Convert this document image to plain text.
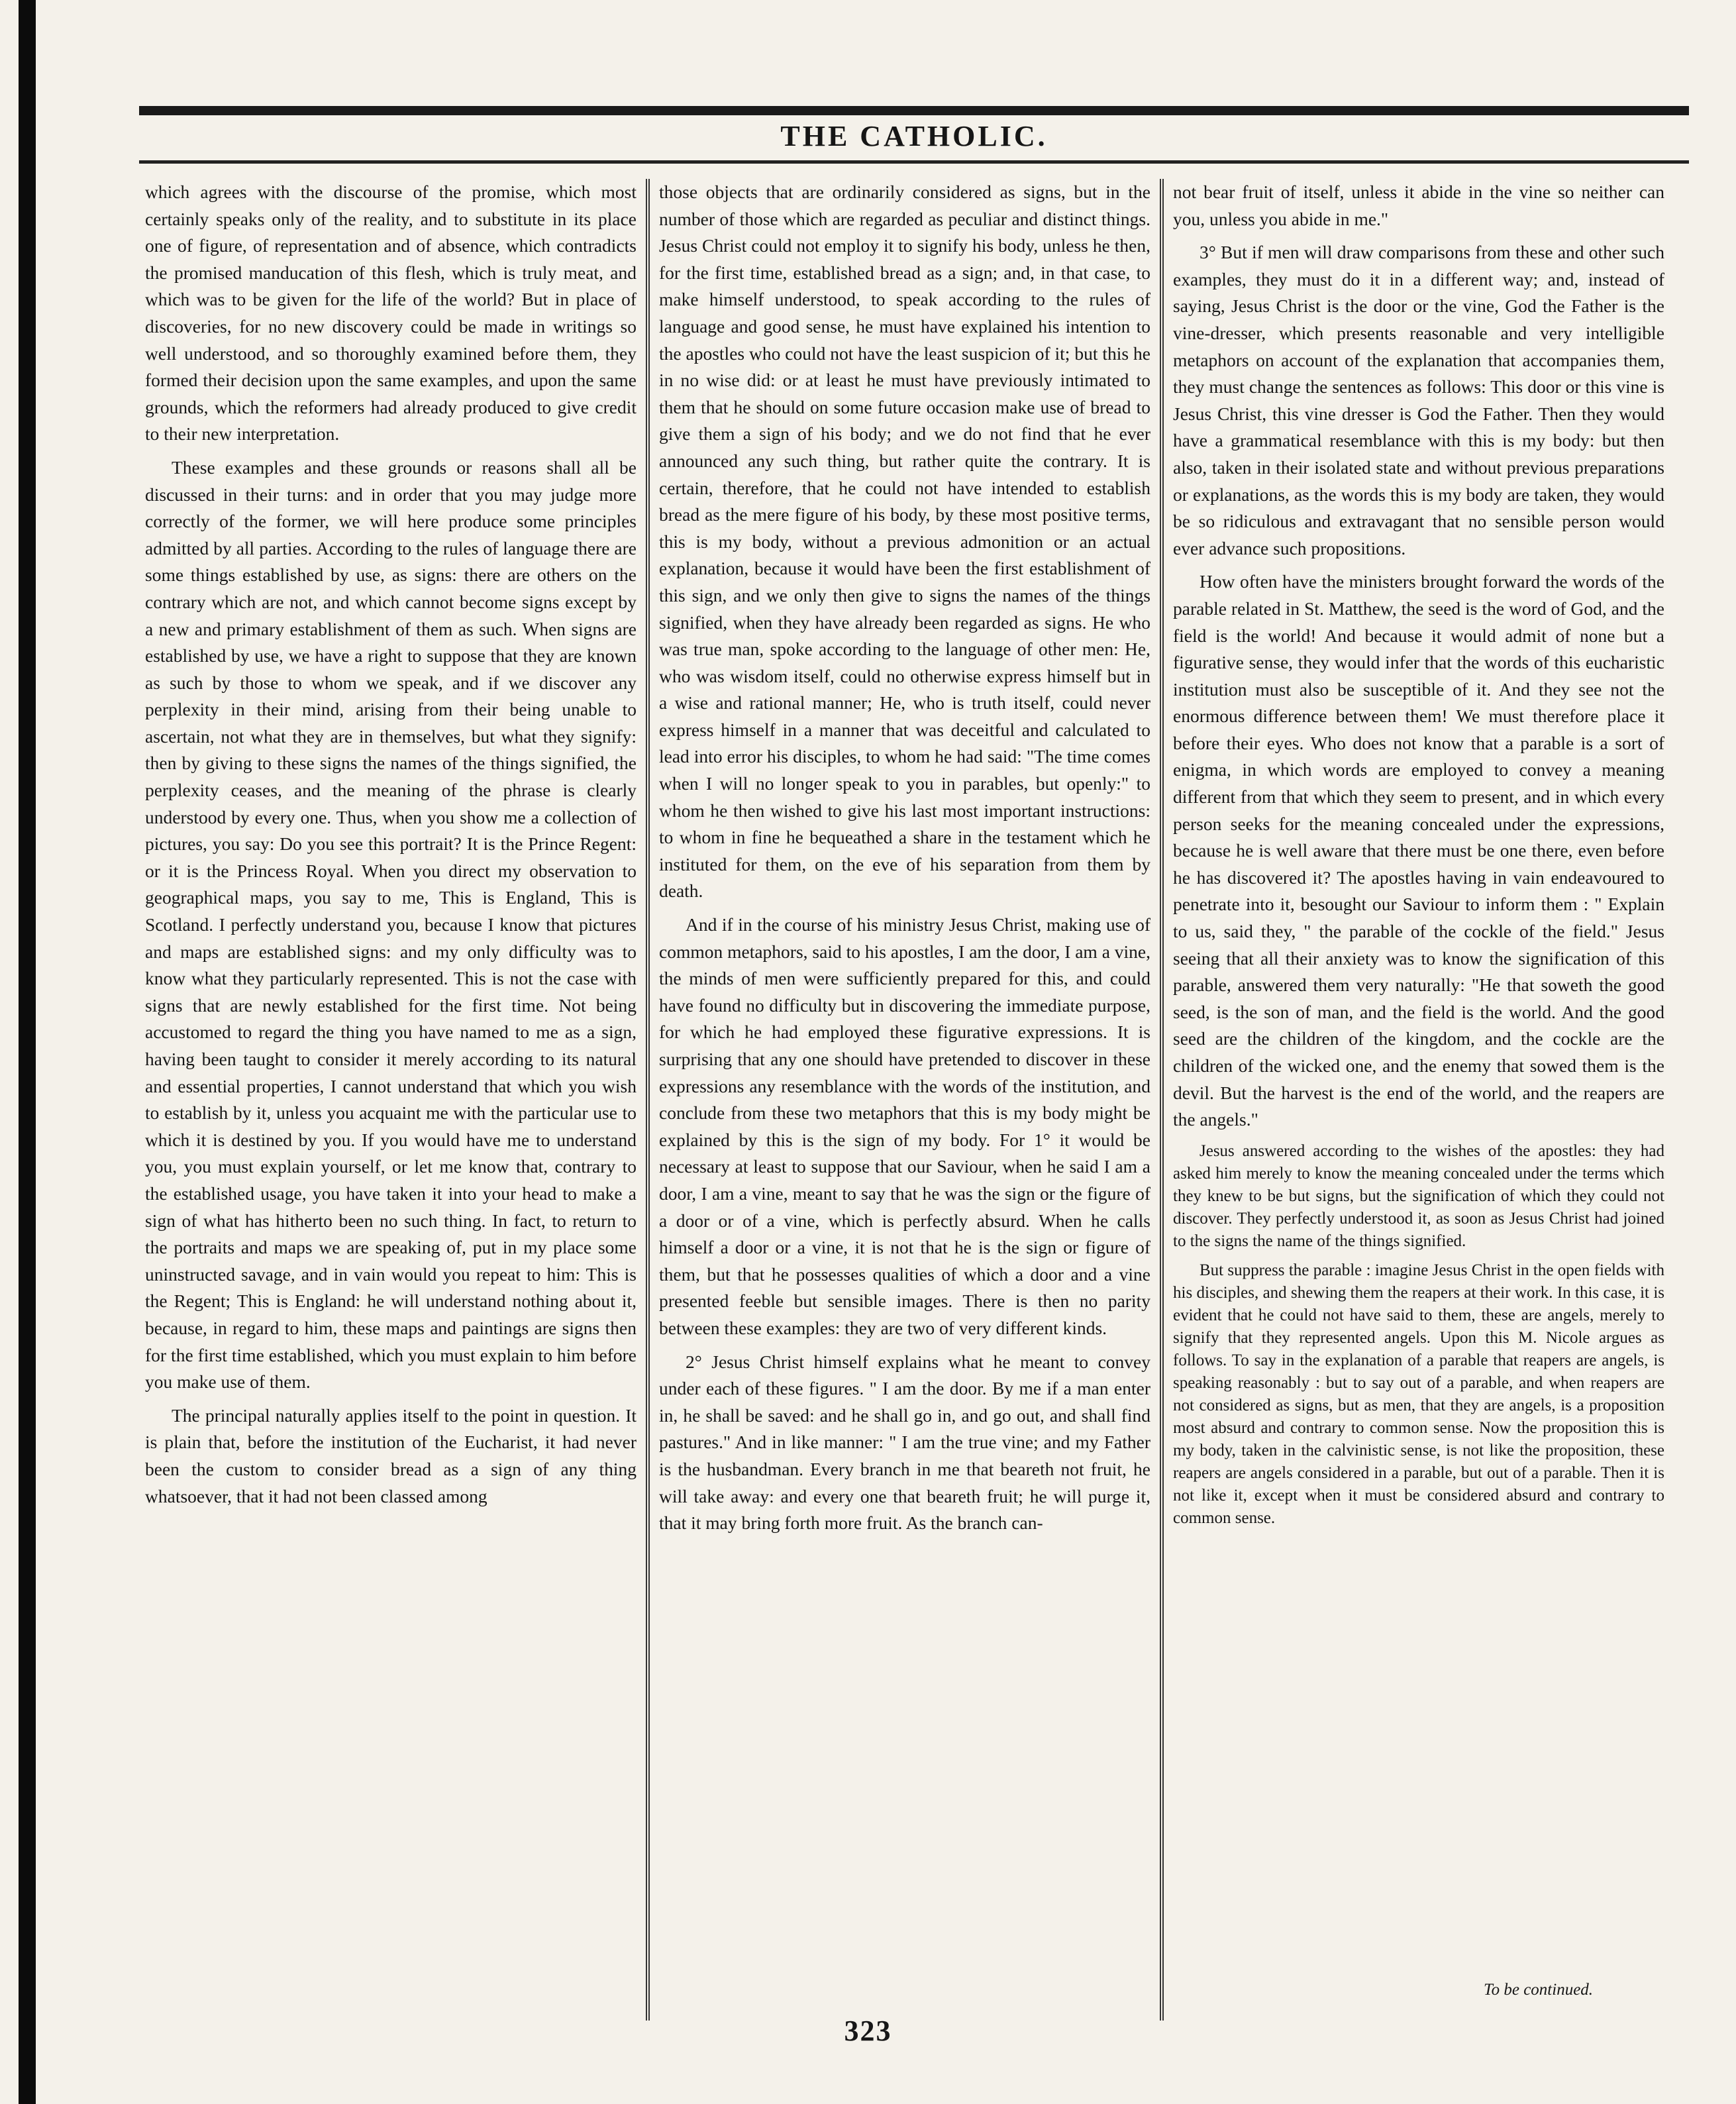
THE CATHOLIC.

which agrees with the discourse of the promise, which most certainly speaks only of the reality, and to substitute in its place one of figure, of representation and of absence, which contradicts the promised manducation of this flesh, which is truly meat, and which was to be given for the life of the world? But in place of discoveries, for no new discovery could be made in writings so well understood, and so thoroughly examined before them, they formed their decision upon the same examples, and upon the same grounds, which the reformers had already produced to give credit to their new interpretation.

These examples and these grounds or reasons shall all be discussed in their turns: and in order that you may judge more correctly of the former, we will here produce some principles admitted by all parties. According to the rules of language there are some things established by use, as signs: there are others on the contrary which are not, and which cannot become signs except by a new and primary establishment of them as such. When signs are established by use, we have a right to suppose that they are known as such by those to whom we speak, and if we discover any perplexity in their mind, arising from their being unable to ascertain, not what they are in themselves, but what they signify: then by giving to these signs the names of the things signified, the perplexity ceases, and the meaning of the phrase is clearly understood by every one. Thus, when you show me a collection of pictures, you say: Do you see this portrait? It is the Prince Regent: or it is the Princess Royal. When you direct my observation to geographical maps, you say to me, This is England, This is Scotland. I perfectly understand you, because I know that pictures and maps are established signs: and my only difficulty was to know what they particularly represented. This is not the case with signs that are newly established for the first time. Not being accustomed to regard the thing you have named to me as a sign, having been taught to consider it merely according to its natural and essential properties, I cannot understand that which you wish to establish by it, unless you acquaint me with the particular use to which it is destined by you. If you would have me to understand you, you must explain yourself, or let me know that, contrary to the established usage, you have taken it into your head to make a sign of what has hitherto been no such thing. In fact, to return to the portraits and maps we are speaking of, put in my place some uninstructed savage, and in vain would you repeat to him: This is the Regent; This is England: he will understand nothing about it, because, in regard to him, these maps and paintings are signs then for the first time established, which you must explain to him before you make use of them.

The principal naturally applies itself to the point in question. It is plain that, before the institution of the Eucharist, it had never been the custom to consider bread as a sign of any thing whatsoever, that it had not been classed among

those objects that are ordinarily considered as signs, but in the number of those which are regarded as peculiar and distinct things. Jesus Christ could not employ it to signify his body, unless he then, for the first time, established bread as a sign; and, in that case, to make himself understood, to speak according to the rules of language and good sense, he must have explained his intention to the apostles who could not have the least suspicion of it; but this he in no wise did: or at least he must have previously intimated to them that he should on some future occasion make use of bread to give them a sign of his body; and we do not find that he ever announced any such thing, but rather quite the contrary. It is certain, therefore, that he could not have intended to establish bread as the mere figure of his body, by these most positive terms, this is my body, without a previous admonition or an actual explanation, because it would have been the first establishment of this sign, and we only then give to signs the names of the things signified, when they have already been regarded as signs. He who was true man, spoke according to the language of other men: He, who was wisdom itself, could no otherwise express himself but in a wise and rational manner; He, who is truth itself, could never express himself in a manner that was deceitful and calculated to lead into error his disciples, to whom he had said: "The time comes when I will no longer speak to you in parables, but openly:" to whom he then wished to give his last most important instructions: to whom in fine he bequeathed a share in the testament which he instituted for them, on the eve of his separation from them by death.

And if in the course of his ministry Jesus Christ, making use of common metaphors, said to his apostles, I am the door, I am a vine, the minds of men were sufficiently prepared for this, and could have found no difficulty but in discovering the immediate purpose, for which he had employed these figurative expressions. It is surprising that any one should have pretended to discover in these expressions any resemblance with the words of the institution, and conclude from these two metaphors that this is my body might be explained by this is the sign of my body. For 1° it would be necessary at least to suppose that our Saviour, when he said I am a door, I am a vine, meant to say that he was the sign or the figure of a door or of a vine, which is perfectly absurd. When he calls himself a door or a vine, it is not that he is the sign or figure of them, but that he possesses qualities of which a door and a vine presented feeble but sensible images. There is then no parity between these examples: they are two of very different kinds.

2° Jesus Christ himself explains what he meant to convey under each of these figures. " I am the door. By me if a man enter in, he shall be saved: and he shall go in, and go out, and shall find pastures." And in like manner: " I am the true vine; and my Father is the husbandman. Every branch in me that beareth not fruit, he will take away: and every one that beareth fruit; he will purge it, that it may bring forth more fruit. As the branch can-

not bear fruit of itself, unless it abide in the vine so neither can you, unless you abide in me."

3° But if men will draw comparisons from these and other such examples, they must do it in a different way; and, instead of saying, Jesus Christ is the door or the vine, God the Father is the vine-dresser, which presents reasonable and very intelligible metaphors on account of the explanation that accompanies them, they must change the sentences as follows: This door or this vine is Jesus Christ, this vine dresser is God the Father. Then they would have a grammatical resemblance with this is my body: but then also, taken in their isolated state and without previous preparations or explanations, as the words this is my body are taken, they would be so ridiculous and extravagant that no sensible person would ever advance such propositions.

How often have the ministers brought forward the words of the parable related in St. Matthew, the seed is the word of God, and the field is the world! And because it would admit of none but a figurative sense, they would infer that the words of this eucharistic institution must also be susceptible of it. And they see not the enormous difference between them! We must therefore place it before their eyes. Who does not know that a parable is a sort of enigma, in which words are employed to convey a meaning different from that which they seem to present, and in which every person seeks for the meaning concealed under the expressions, because he is well aware that there must be one there, even before he has discovered it? The apostles having in vain endeavoured to penetrate into it, besought our Saviour to inform them : " Explain to us, said they, " the parable of the cockle of the field." Jesus seeing that all their anxiety was to know the signification of this parable, answered them very naturally: "He that soweth the good seed, is the son of man, and the field is the world. And the good seed are the children of the kingdom, and the cockle are the children of the wicked one, and the enemy that sowed them is the devil. But the harvest is the end of the world, and the reapers are the angels."

Jesus answered according to the wishes of the apostles: they had asked him merely to know the meaning concealed under the terms which they knew to be but signs, but the signification of which they could not discover. They perfectly understood it, as soon as Jesus Christ had joined to the signs the name of the things signified.

But suppress the parable : imagine Jesus Christ in the open fields with his disciples, and shewing them the reapers at their work. In this case, it is evident that he could not have said to them, these are angels, merely to signify that they represented angels. Upon this M. Nicole argues as follows. To say in the explanation of a parable that reapers are angels, is speaking reasonably : but to say out of a parable, and when reapers are not considered as signs, but as men, that they are angels, is a proposition most absurd and contrary to common sense. Now the proposition this is my body, taken in the calvinistic sense, is not like the proposition, these reapers are angels considered in a parable, but out of a parable. Then it is not like it, except when it must be considered absurd and contrary to common sense.

To be continued.
323
